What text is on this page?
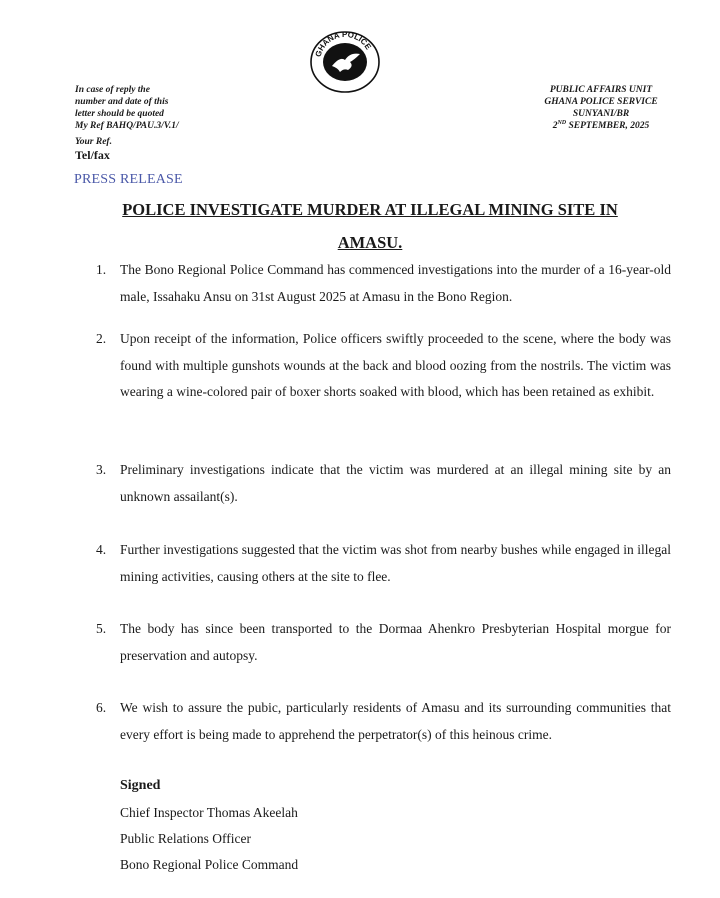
GHANA POLICE
In case of reply the
number and date of this
letter should be quoted
My Ref BAHQ/PAU.3/V.1/
Your Ref.
Tel/fax
PUBLIC AFFAIRS UNIT
GHANA POLICE SERVICE
SUNYANI/BR
2ND SEPTEMBER, 2025
PRESS RELEASE
POLICE INVESTIGATE MURDER AT ILLEGAL MINING SITE IN
AMASU.
1.	The Bono Regional Police Command has commenced investigations into the murder of a 16-year-old male, Issahaku Ansu on 31st August 2025 at Amasu in the Bono Region.
2.	Upon receipt of the information, Police officers swiftly proceeded to the scene, where the body was found with multiple gunshots wounds at the back and blood oozing from the nostrils. The victim was wearing a wine-colored pair of boxer shorts soaked with blood, which has been retained as exhibit.
3.	Preliminary investigations indicate that the victim was murdered at an illegal mining site by an unknown assailant(s).
4.	Further investigations suggested that the victim was shot from nearby bushes while engaged in illegal mining activities, causing others at the site to flee.
5.	The body has since been transported to the Dormaa Ahenkro Presbyterian Hospital morgue for preservation and autopsy.
6.	We wish to assure the pubic, particularly residents of Amasu and its surrounding communities that every effort is being made to apprehend the perpetrator(s) of this heinous crime.
Signed
Chief Inspector Thomas Akeelah
Public Relations Officer
Bono Regional Police Command
